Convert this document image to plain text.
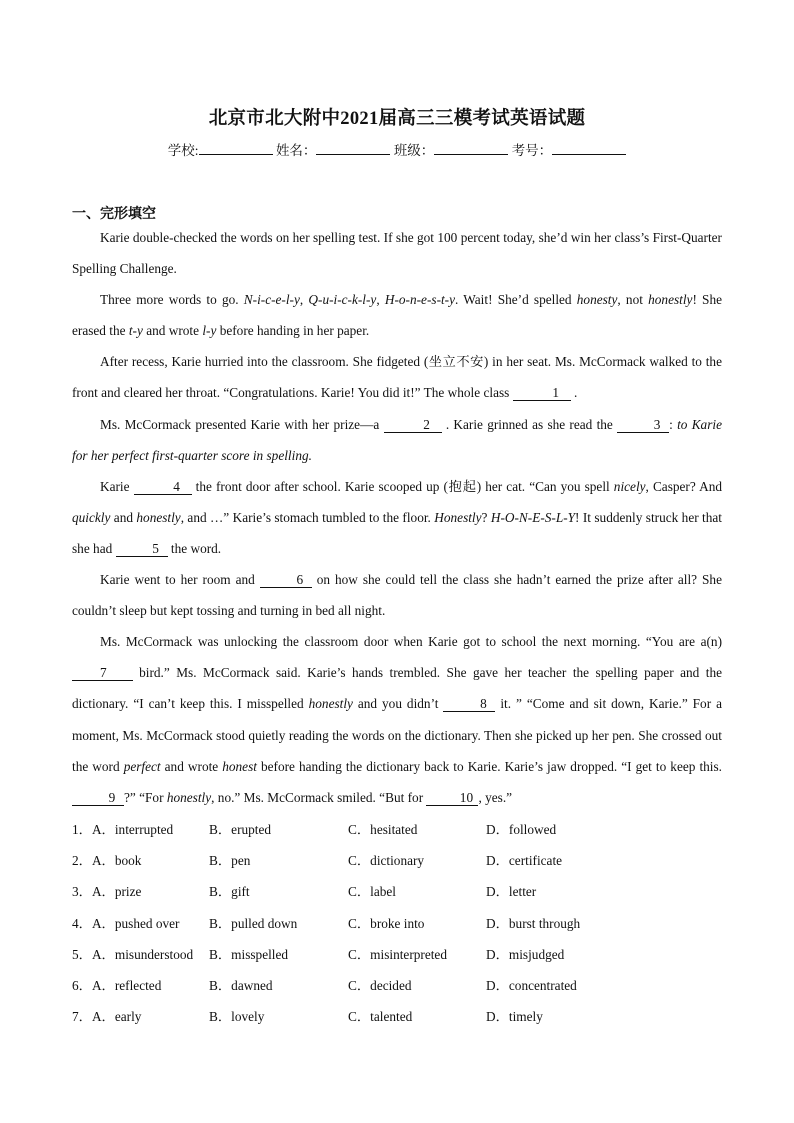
北京市北大附中2021届高三三模考试英语试题
学校:	姓名：	班级：	考号：
一、完形填空

Karie double-checked the words on her spelling test. If she got 100 percent today, she’d win her class’s First-Quarter Spelling Challenge.

Three more words to go. N-i-c-e-l-y, Q-u-i-c-k-l-y, H-o-n-e-s-t-y. Wait! She’d spelled honesty, not honestly! She erased the t-y and wrote l-y before handing in her paper.

After recess, Karie hurried into the classroom. She fidgeted (坐立不安) in her seat. Ms. McCormack walked to the front and cleared her throat. “Congratulations. Karie! You did it!” The whole class	1 .

Ms. McCormack presented Karie with her prize—a	2 . Karie grinned as she read the	3 : to Karie for her perfect first-quarter score in spelling.

Karie	4 the front door after school. Karie scooped up (抱起) her cat. “Can you spell nicely, Casper? And quickly and honestly, and …” Karie’s stomach tumbled to the floor. Honestly? H-O-N-E-S-L-Y! It suddenly struck her that she had	5 the word.

Karie went to her room and	6 on how she could tell the class she hadn’t earned the prize after all? She couldn’t sleep but kept tossing and turning in bed all night.

Ms. McCormack was unlocking the classroom door when Karie got to school the next morning. “You are a(n) 7 bird.” Ms. McCormack said. Karie’s hands trembled. She gave her teacher the spelling paper and the dictionary. “I can’t keep this. I misspelled honestly and you didn’t	8 it. ” “Come and sit down, Karie.” For a moment, Ms. McCormack stood quietly reading the words on the dictionary. Then she picked up her pen. She crossed out the word perfect and wrote honest before handing the dictionary back to Karie. Karie’s jaw dropped. “I get to keep this. 9 ?” “For honestly, no.” Ms. McCormack smiled. “But for	10 , yes.”

1．A．interrupted	B．erupted	C．hesitated	D．followed
2．A．book	B．pen	C．dictionary	D．certificate
3．A．prize	B．gift	C．label	D．letter
4．A．pushed over B．pulled down	C．broke into	D．burst through
5．A．misunderstood B．misspelled	C．misinterpreted	D．misjudged
6．A．reflected	B．dawned	C．decided	D．concentrated
7．A．early	B．lovely	C．talented	D．timely
